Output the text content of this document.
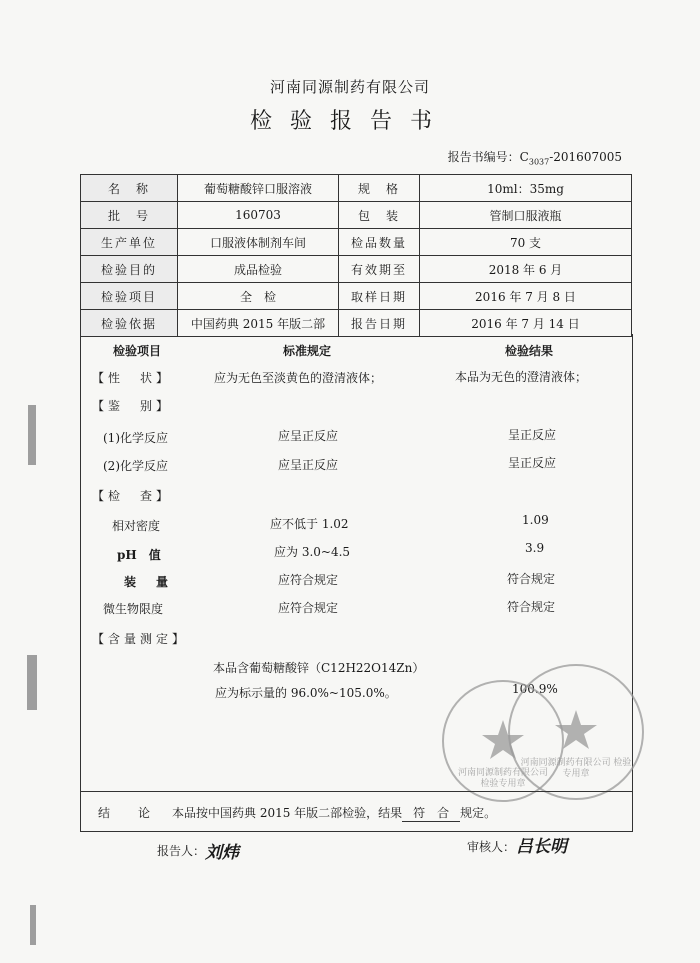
河南同源制药有限公司
检验报告书
报告书编号：$C_{3037}-201607005$
名　称	葡萄糖酸锌口服溶液	规　格	10ml：35mg
批　号	160703	包　装	管制口服液瓶
生产单位	口服液体制剂车间	检品数量	70 支
检验目的	成品检验	有效期至	2018 年 6 月
检验项目	全　检	取样日期	2016 年 7 月 8 日
检验依据	中国药典 2015 年版二部	报告日期	2016 年 7 月 14 日
检验项目	标准规定	检验结果
【性　状】	应为无色至淡黄色的澄清液体；	本品为无色的澄清液体；
【鉴　别】
(1)化学反应	应呈正反应	呈正反应
(2)化学反应	应呈正反应	呈正反应
【检　查】
相对密度	应不低于 1.02	1.09
pH　值	应为 3.0~4.5	3.9
装　量	应符合规定	符合规定
微生物限度	应符合规定	符合规定
【含量测定】
本品含葡萄糖酸锌（C12H22O14Zn）
应为标示量的 96.0%~105.0%。	100.9%
河南同源制药有限公司 检验专用章
河南同源制药有限公司 检验专用章
结　论 本品按中国药典 2015 年版二部检验，结果 符　合 规定。
报告人： 刘炜	审核人： 吕长明
